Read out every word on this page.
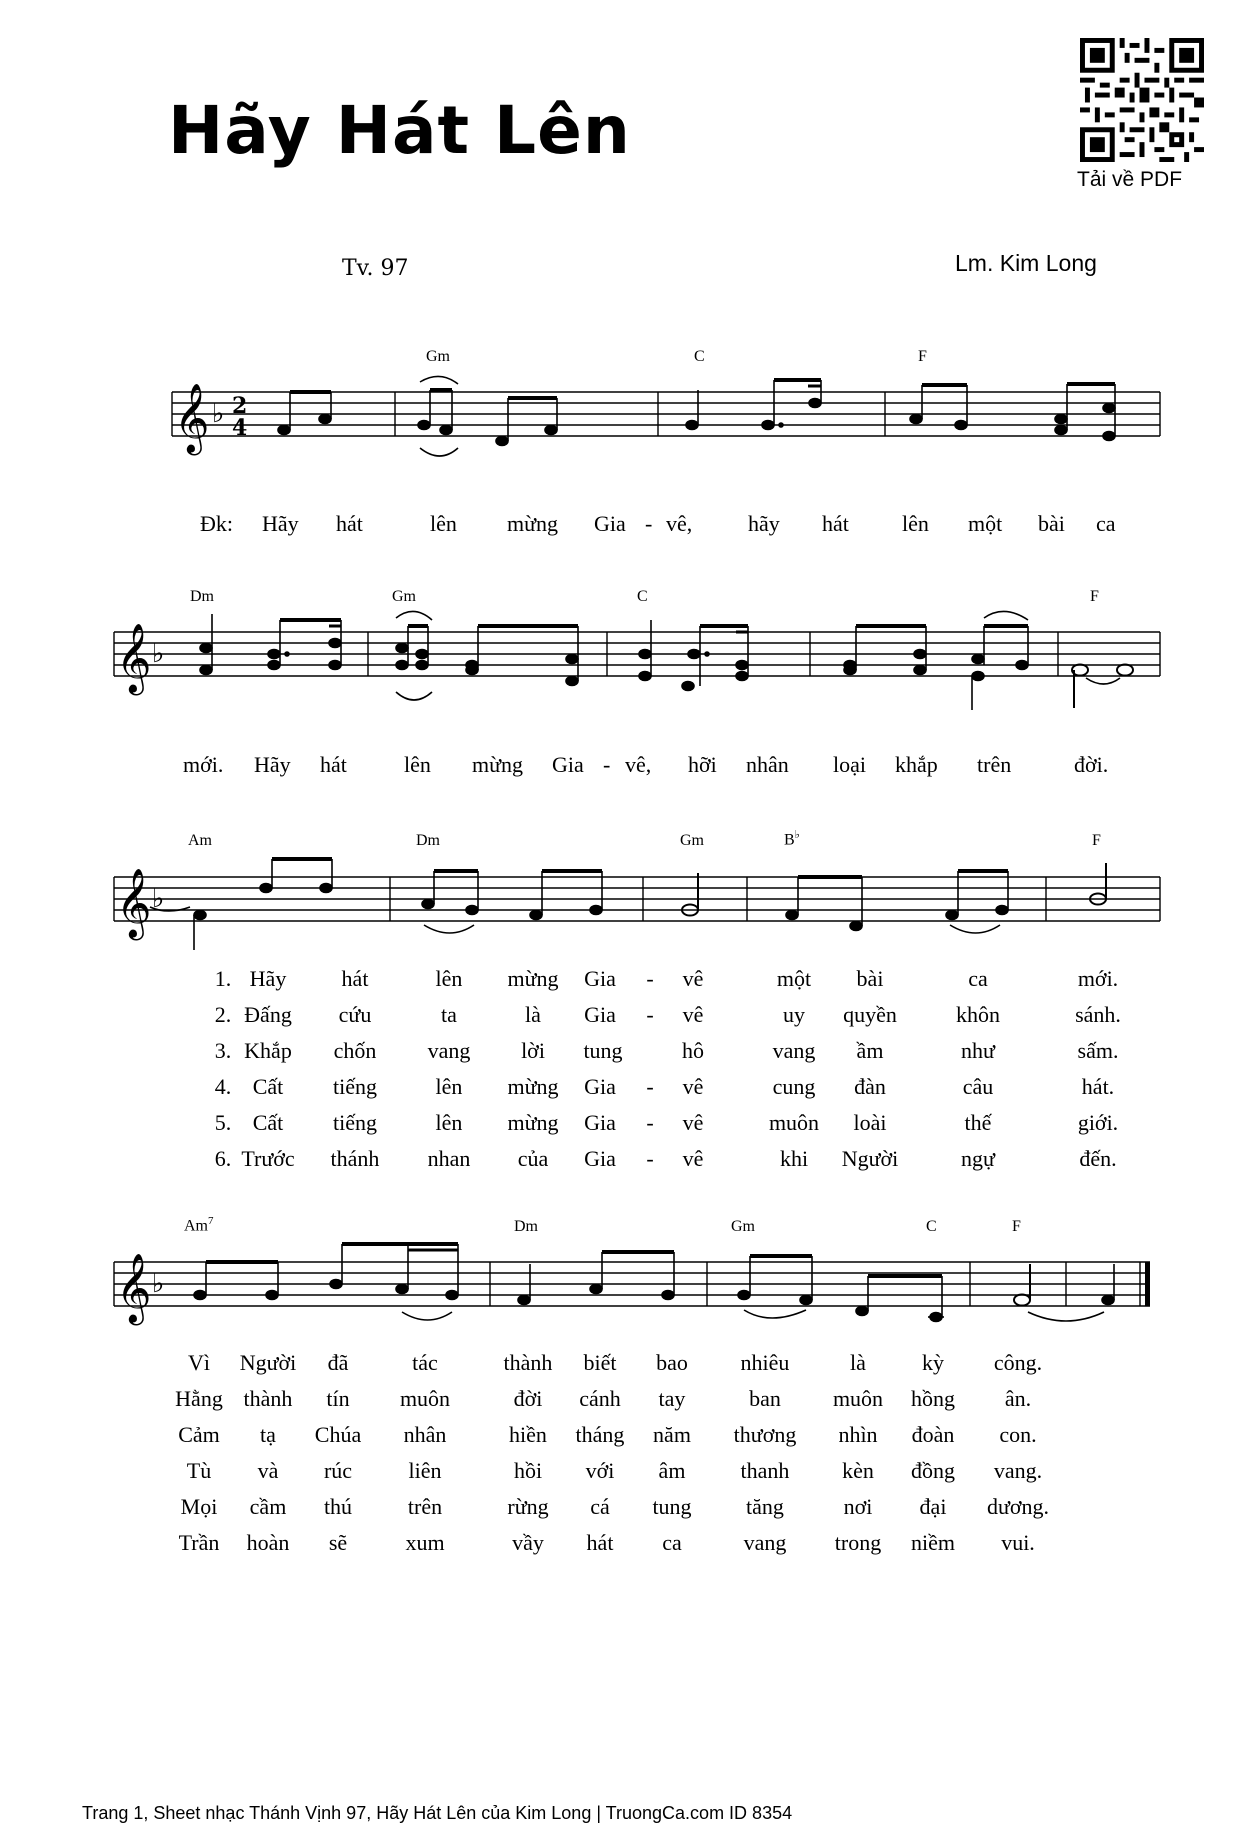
Hãy Hát Lên
Tv. 97	Lm. Kim Long
Tải về PDF
Gm	C	F
𝄞 ♭ 2
4
Đk: Hãy hát	lên mừng Gia - vê,	hãy hát lên một bài ca
Dm	Gm	C	F
𝄞 ♭
mới. Hãy hát	lên mừng Gia - vê, hỡi nhân loại khắp trên	đời.
Am	Dm	Gm	B♭	F
𝄞 ♭
1. Hãy	hát	lên mừng Gia - vê	một bài	ca	mới.
2. Đấng cứu	ta	là Gia - vê	uy quyền	khôn	sánh.
3. Khắp chốn vang lời tung	hô	vang ầm	như	sấm.
4. Cất tiếng	lên mừng Gia - vê	cung đàn	câu	hát.
5. Cất tiếng	lên mừng Gia - vê	muôn loài	thế	giới.
6. Trước thánh nhan của Gia - vê	khi Người	ngự	đến.
Am$^7$	Dm	Gm	C	F
𝄞 ♭
Vì Người đã	tác	thành biết bao nhiêu	là	kỳ công.
Hằng thành tín muôn	đời cánh tay	ban muôn hồng ân.
Cảm tạ Chúa nhân	hiền tháng năm thương nhìn đoàn con.
Tù và rúc	liên	hồi với âm	thanh kèn đồng vang.
Mọi cầm thú	trên	rừng cá tung tăng	nơi đại dương.
Trần hoàn sẽ	xum	vầy hát ca	vang trong niềm vui.
Trang 1, Sheet nhạc Thánh Vịnh 97, Hãy Hát Lên của Kim Long | TruongCa.com ID 8354
